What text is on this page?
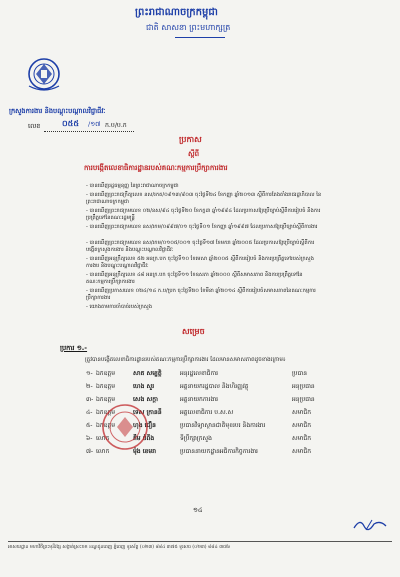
ព្រះរាជាណាចក្រកម្ពុជា
ជាតិ សាសនា ព្រះមហាក្សត្រ
ក្រសួងការងារ និងបណ្ដុះបណ្ដាលវិជ្ជាជីវៈ
លេខ	០៥៥ /១៧ ក.ប/ប.ក
ប្រកាស
ស្ដីពី
ការបង្កើតលេខាធិការដ្ឋានរបស់គណៈកម្មការប្រឹក្សាការងារ
- បានឃើញរដ្ឋធម្មនុញ្ញ នៃព្រះរាជាណាចក្រកម្ពុជា
- បានឃើញព្រះរាជក្រឹត្យលេខ នស/រកត/០៩១៣/៩០៣ ចុះថ្ងៃទី២៤ ខែកញ្ញា ឆ្នាំ២០១៣ ស្ដីពីការតែងតាំងរាជរដ្ឋាភិបាល នៃព្រះរាជាណាចក្រកម្ពុជា
- បានឃើញព្រះរាជក្រមលេខ ០២/នស/៩៤ ចុះថ្ងៃទី២០ ខែកក្កដា ឆ្នាំ១៩៩៤ ដែលប្រកាសឱ្យប្រើច្បាប់ស្ដីពីការរៀបចំ និងការប្រព្រឹត្តទៅនៃគណៈរដ្ឋមន្ត្រី
- បានឃើញព្រះរាជក្រមលេខ នស/រកម/០៩៩៧/០១ ចុះថ្ងៃទី០១ ខែកញ្ញា ឆ្នាំ១៩៩៧ ដែលប្រកាសឱ្យប្រើច្បាប់ស្ដីពីការងារ
- បានឃើញព្រះរាជក្រមលេខ នស/រកម/០១០៥/០០១ ចុះថ្ងៃទី១៧ ខែមករា ឆ្នាំ២០០៥ ដែលប្រកាសឱ្យប្រើច្បាប់ស្ដីពីការបង្កើតក្រសួងការងារ និងបណ្ដុះបណ្ដាលវិជ្ជាជីវៈ
- បានឃើញអនុក្រឹត្យលេខ ៥២ អនក្រ.បក ចុះថ្ងៃទី១០ ខែមេសា ឆ្នាំ២០០៥ ស្ដីពីការរៀបចំ និងការប្រព្រឹត្តទៅរបស់ក្រសួងការងារ និងបណ្ដុះបណ្ដាលវិជ្ជាជីវៈ
- បានឃើញអនុក្រឹត្យលេខ ៤៨ អនក្រ.បក ចុះថ្ងៃទី១១ ខែឧសភា ឆ្នាំ២០០០ ស្ដីពីសមាសភាព និងការប្រព្រឹត្តទៅនៃគណៈកម្មការប្រឹក្សាការងារ
- បានឃើញប្រកាសលេខ ០២៤/១៤ ក.ប/ប្រក ចុះថ្ងៃទី២០ ខែមីនា ឆ្នាំ២០១៤ ស្ដីពីការរៀបចំសមាសភាពនៃគណៈកម្មការប្រឹក្សាការងារ
- យោងតាមការចាំបាច់របស់ក្រសួង
សម្រេច
ប្រការ ១.-
ត្រូវបានបង្កើតលេខាធិការដ្ឋានរបស់គណៈកម្មការប្រឹក្សាការងារ ដែលមានសមាសភាពដូចខាងក្រោម៖
១- ឯកឧត្ដម	សាត សម្បត្តិ	អនុរដ្ឋលេខាធិការ	ប្រធាន
២- ឯកឧត្ដម	ហេង សួរ	អគ្គនាយករដ្ឋបាល និងហិរញ្ញវត្ថុ	អនុប្រធាន
៣- ឯកឧត្ដម	សេង សក្ដា	អគ្គនាយកការងារ	អនុប្រធាន
៤- ឯកឧត្ដម	ទេស ក្រាននី	អគ្គលេខាធិការ ប.ស.ស	សមាជិក
៥- ឯកឧត្ដម	ហុង ជឿន	ប្រធានវិទ្យាស្ថានជាតិមុខរបរ និងការងារ	សមាជិក
៦- លោក	គឹម ចំពីង	ទីប្រឹក្សាក្រសួង	សមាជិក
៧- លោក	ម៉ុង ខេមរា	ប្រធាននាយកដ្ឋានអធិការកិច្ចការងារ	សមាជិក
១៤
អាសយដ្ឋាន មហាវិថីព្រះមុនីវង្ស សង្កាត់ស្រះចក ខណ្ឌដូនពេញ ភ្នំពេញ ទូរស័ព្ទ (០២៣) ៨៨៤ ៣៧៥ ទូរសារ (០២៣) ៨៨៤ ៣៧៦
